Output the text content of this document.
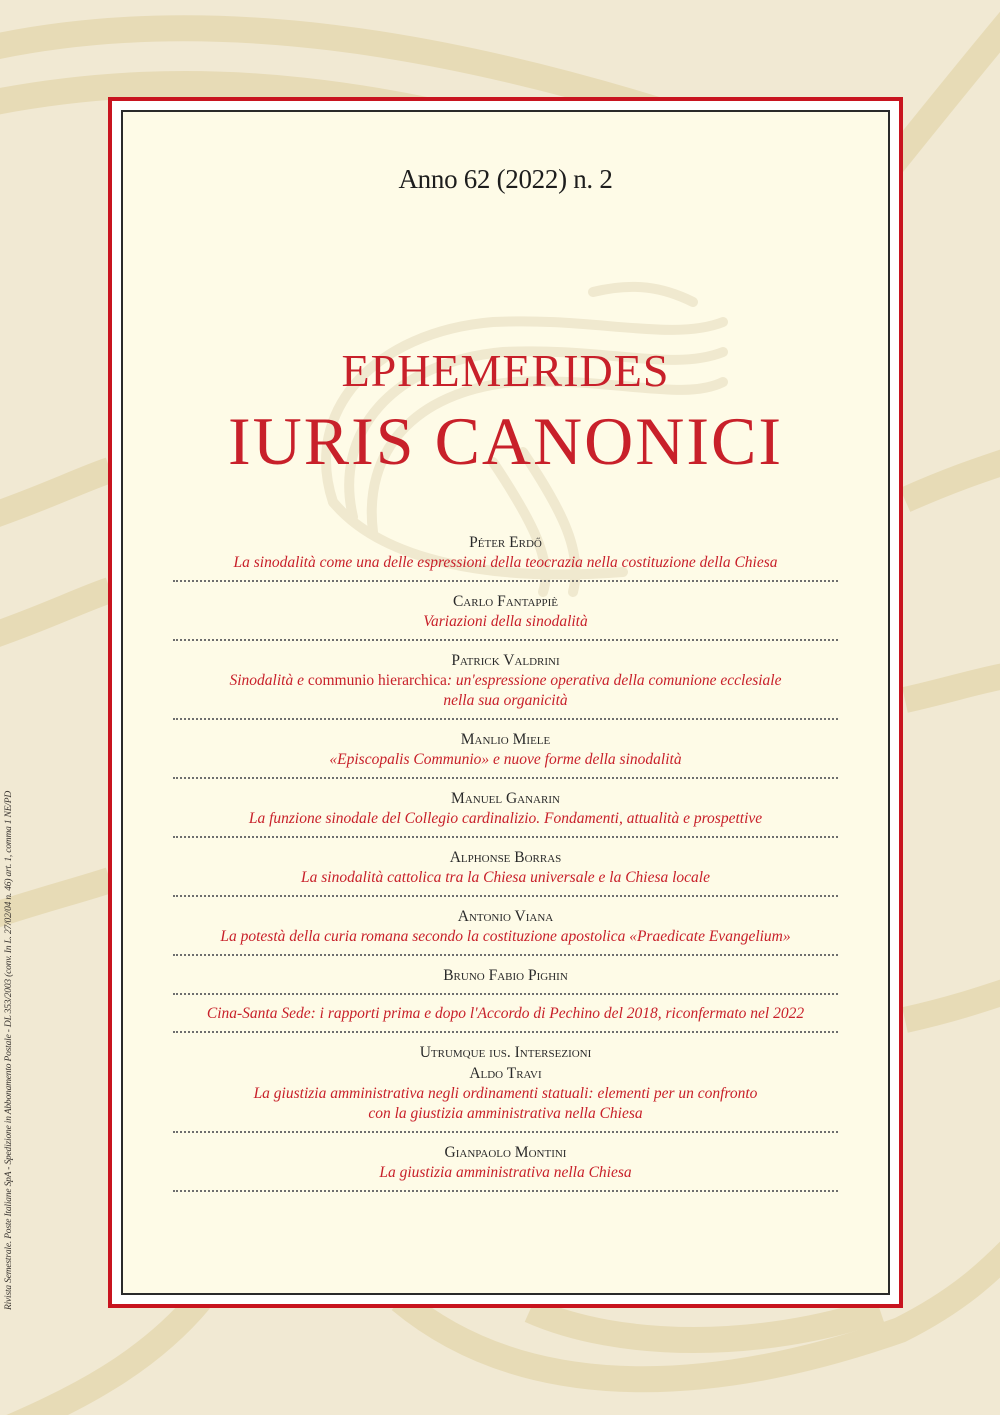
Rivista Semestrale. Poste Italiane SpA - Spedizione in Abbonamento Postale - DL 353/2003 (conv. In L. 27/02/04 n. 46) art. 1, comma 1 NE/PD
Anno 62 (2022) n. 2
EPHEMERIDES
IURIS CANONICI
Péter Erdő
La sinodalità come una delle espressioni della teocrazia nella costituzione della Chiesa
Carlo Fantappiè
Variazioni della sinodalità
Patrick Valdrini
Sinodalità e communio hierarchica: un'espressione operativa della comunione ecclesiale
nella sua organicità
Manlio Miele
«Episcopalis Communio» e nuove forme della sinodalità
Manuel Ganarin
La funzione sinodale del Collegio cardinalizio. Fondamenti, attualità e prospettive
Alphonse Borras
La sinodalità cattolica tra la Chiesa universale e la Chiesa locale
Antonio Viana
La potestà della curia romana secondo la costituzione apostolica «Praedicate Evangelium»
Bruno Fabio Pighin
Cina-Santa Sede: i rapporti prima e dopo l'Accordo di Pechino del 2018, riconfermato nel 2022
Utrumque ius. Intersezioni
Aldo Travi
La giustizia amministrativa negli ordinamenti statuali: elementi per un confronto
con la giustizia amministrativa nella Chiesa
Gianpaolo Montini
La giustizia amministrativa nella Chiesa
